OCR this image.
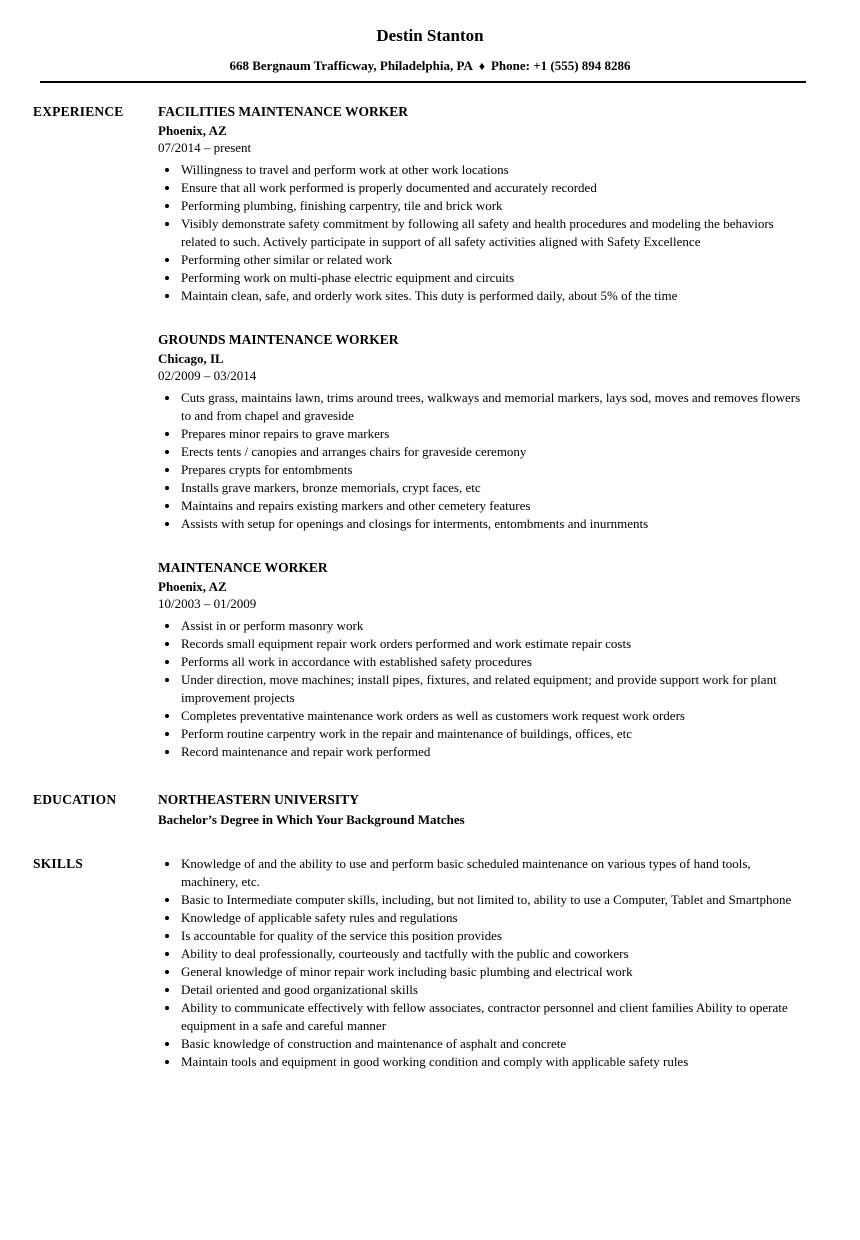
Destin Stanton
668 Bergnaum Trafficway, Philadelphia, PA ♦ Phone: +1 (555) 894 8286
EXPERIENCE	FACILITIES MAINTENANCE WORKER
Phoenix, AZ
07/2014 – present
• Willingness to travel and perform work at other work locations
• Ensure that all work performed is properly documented and accurately recorded
• Performing plumbing, finishing carpentry, tile and brick work
• Visibly demonstrate safety commitment by following all safety and health procedures and modeling the behaviors related to such. Actively participate in support of all safety activities aligned with Safety Excellence
• Performing other similar or related work
• Performing work on multi-phase electric equipment and circuits
• Maintain clean, safe, and orderly work sites. This duty is performed daily, about 5% of the time
GROUNDS MAINTENANCE WORKER
Chicago, IL
02/2009 – 03/2014
• Cuts grass, maintains lawn, trims around trees, walkways and memorial markers, lays sod, moves and removes flowers to and from chapel and graveside
• Prepares minor repairs to grave markers
• Erects tents / canopies and arranges chairs for graveside ceremony
• Prepares crypts for entombments
• Installs grave markers, bronze memorials, crypt faces, etc
• Maintains and repairs existing markers and other cemetery features
• Assists with setup for openings and closings for interments, entombments and inurnments
MAINTENANCE WORKER
Phoenix, AZ
10/2003 – 01/2009
• Assist in or perform masonry work
• Records small equipment repair work orders performed and work estimate repair costs
• Performs all work in accordance with established safety procedures
• Under direction, move machines; install pipes, fixtures, and related equipment; and provide support work for plant improvement projects
• Completes preventative maintenance work orders as well as customers work request work orders
• Perform routine carpentry work in the repair and maintenance of buildings, offices, etc
• Record maintenance and repair work performed
EDUCATION	NORTHEASTERN UNIVERSITY
Bachelor’s Degree in Which Your Background Matches
SKILLS	• Knowledge of and the ability to use and perform basic scheduled maintenance on various types of hand tools, machinery, etc.
• Basic to Intermediate computer skills, including, but not limited to, ability to use a Computer, Tablet and Smartphone
• Knowledge of applicable safety rules and regulations
• Is accountable for quality of the service this position provides
• Ability to deal professionally, courteously and tactfully with the public and coworkers
• General knowledge of minor repair work including basic plumbing and electrical work
• Detail oriented and good organizational skills
• Ability to communicate effectively with fellow associates, contractor personnel and client families Ability to operate equipment in a safe and careful manner
• Basic knowledge of construction and maintenance of asphalt and concrete
• Maintain tools and equipment in good working condition and comply with applicable safety rules
